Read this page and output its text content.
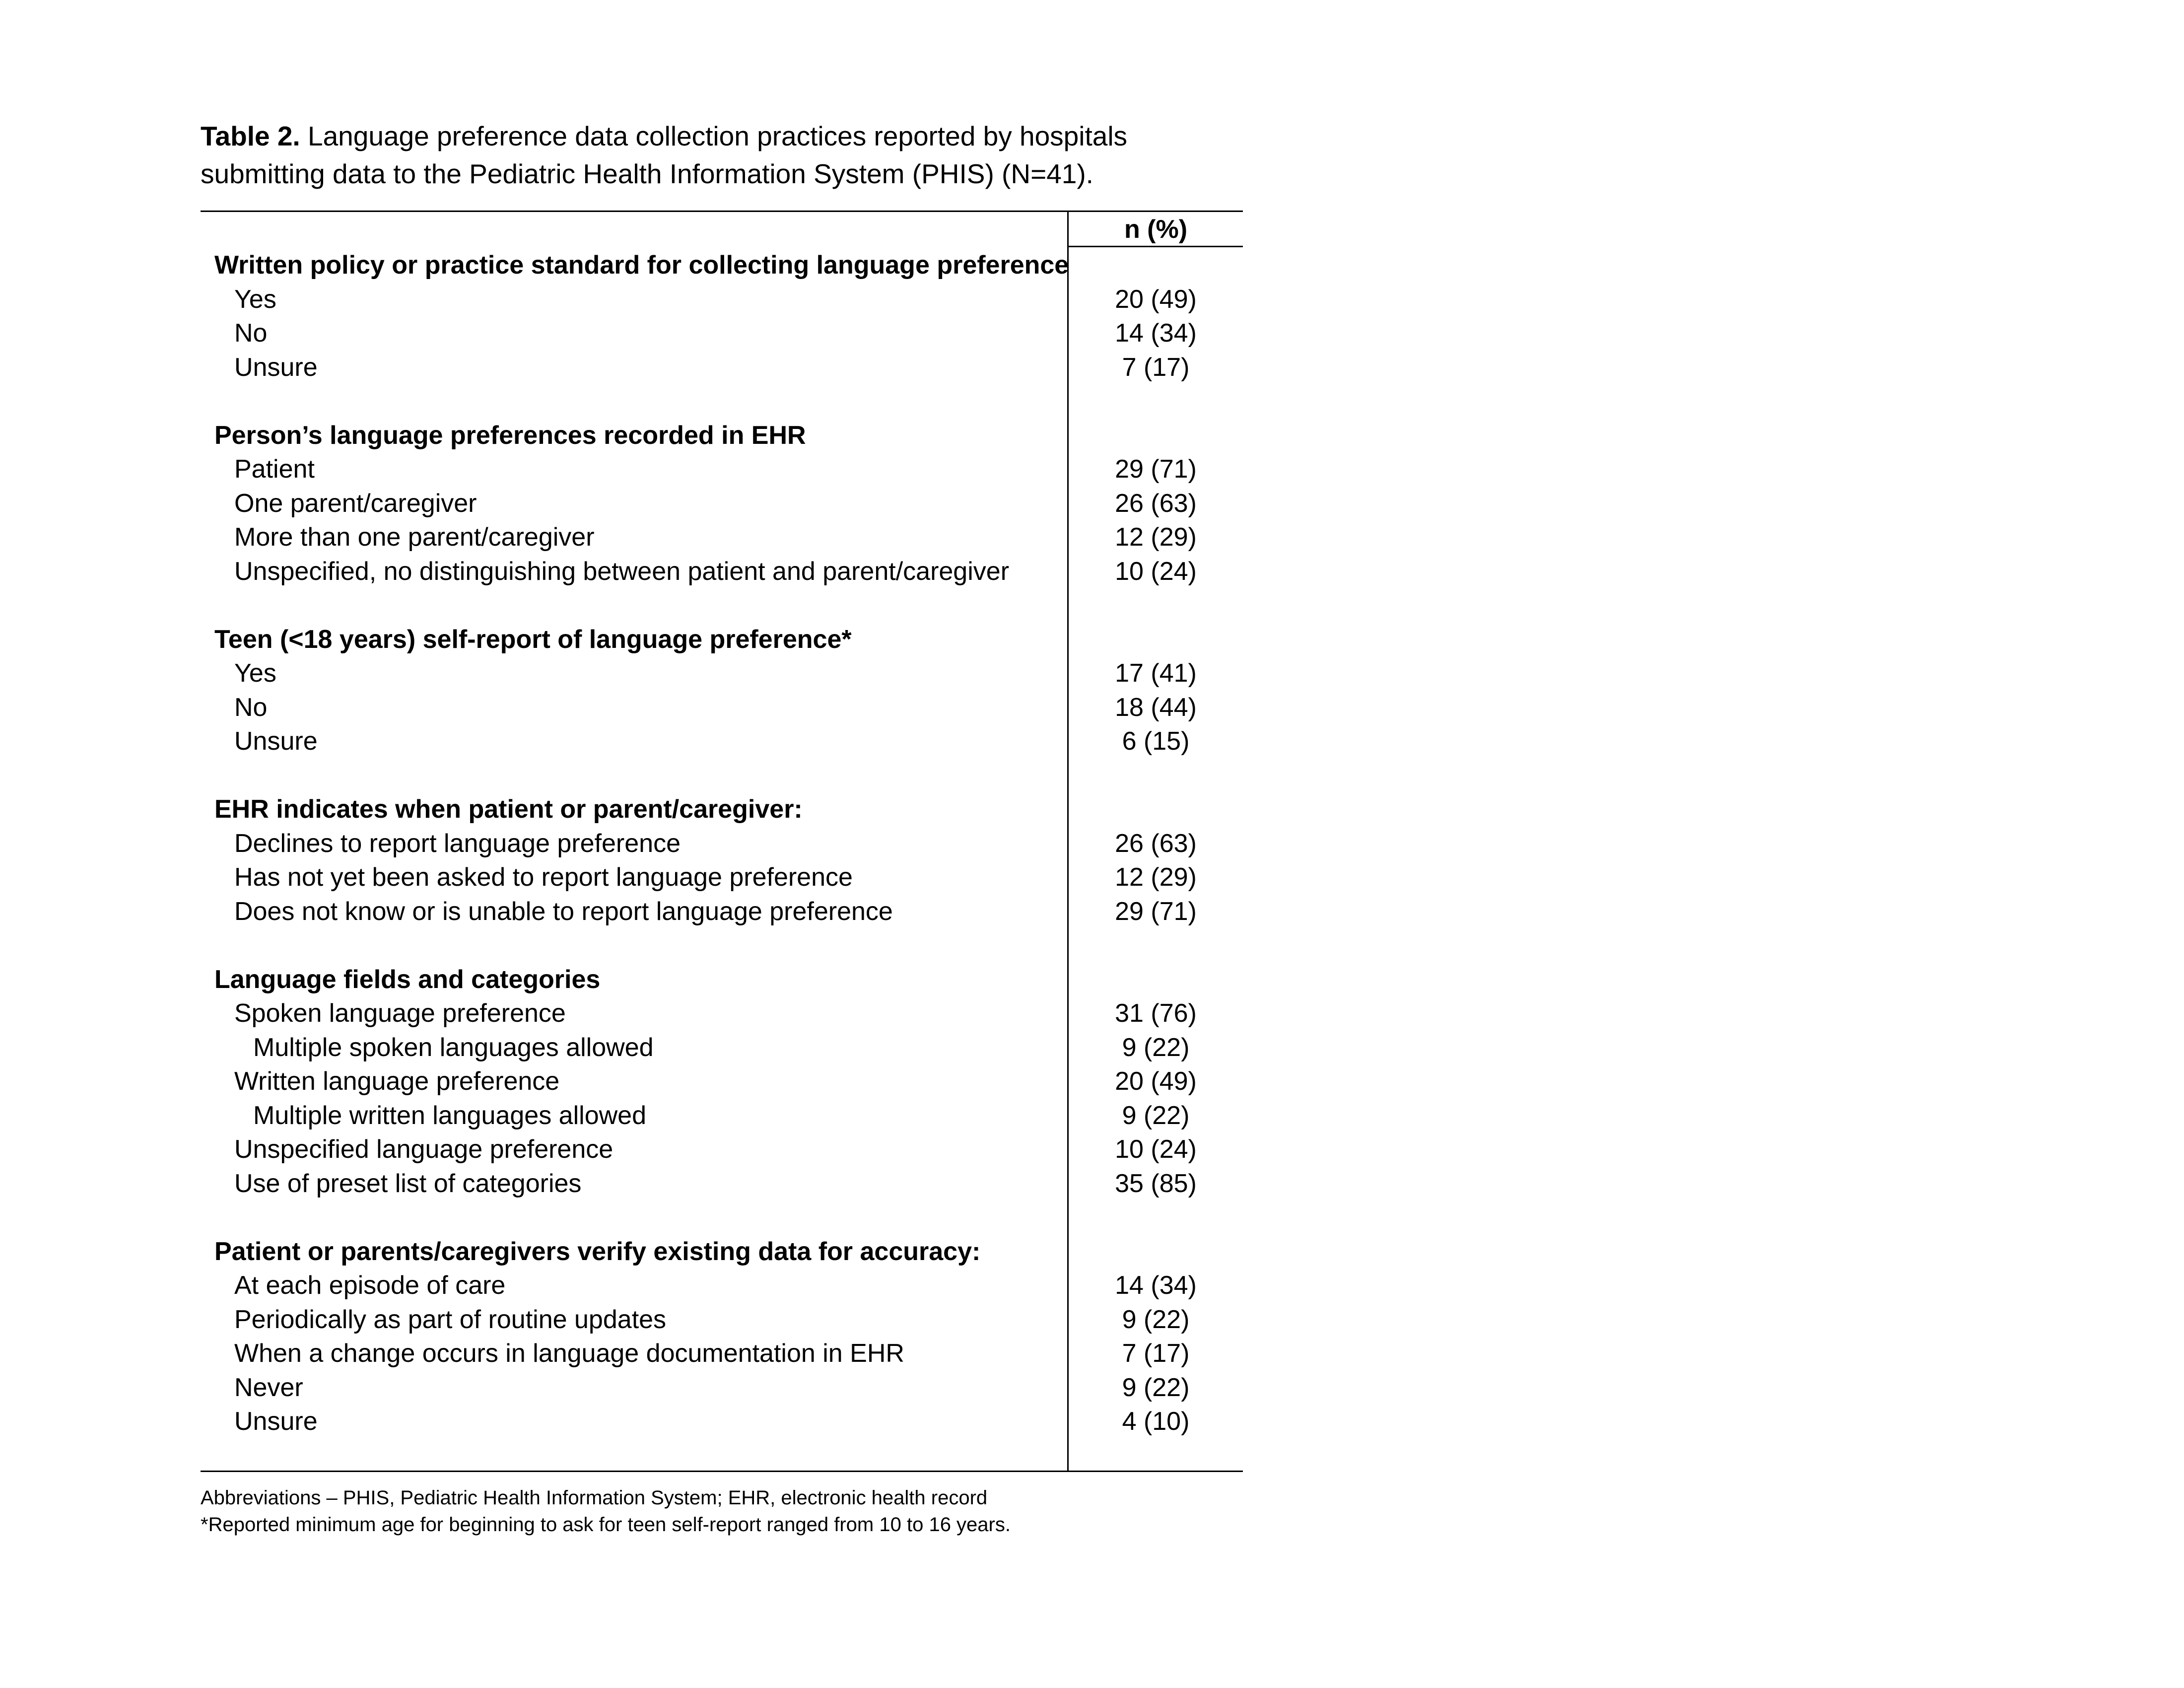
Table 2. Language preference data collection practices reported by hospitals
submitting data to the Pediatric Health Information System (PHIS) (N=41).
n (%)
Written policy or practice standard for collecting language preference
Yes	20 (49)
No	14 (34)
Unsure	7 (17)
Person’s language preferences recorded in EHR
Patient	29 (71)
One parent/caregiver	26 (63)
More than one parent/caregiver	12 (29)
Unspecified, no distinguishing between patient and parent/caregiver	10 (24)
Teen (<18 years) self-report of language preference*
Yes	17 (41)
No	18 (44)
Unsure	6 (15)
EHR indicates when patient or parent/caregiver:
Declines to report language preference	26 (63)
Has not yet been asked to report language preference	12 (29)
Does not know or is unable to report language preference	29 (71)
Language fields and categories
Spoken language preference	31 (76)
Multiple spoken languages allowed	9 (22)
Written language preference	20 (49)
Multiple written languages allowed	9 (22)
Unspecified language preference	10 (24)
Use of preset list of categories	35 (85)
Patient or parents/caregivers verify existing data for accuracy:
At each episode of care	14 (34)
Periodically as part of routine updates	9 (22)
When a change occurs in language documentation in EHR	7 (17)
Never	9 (22)
Unsure	4 (10)
Abbreviations – PHIS, Pediatric Health Information System; EHR, electronic health record
*Reported minimum age for beginning to ask for teen self-report ranged from 10 to 16 years.
